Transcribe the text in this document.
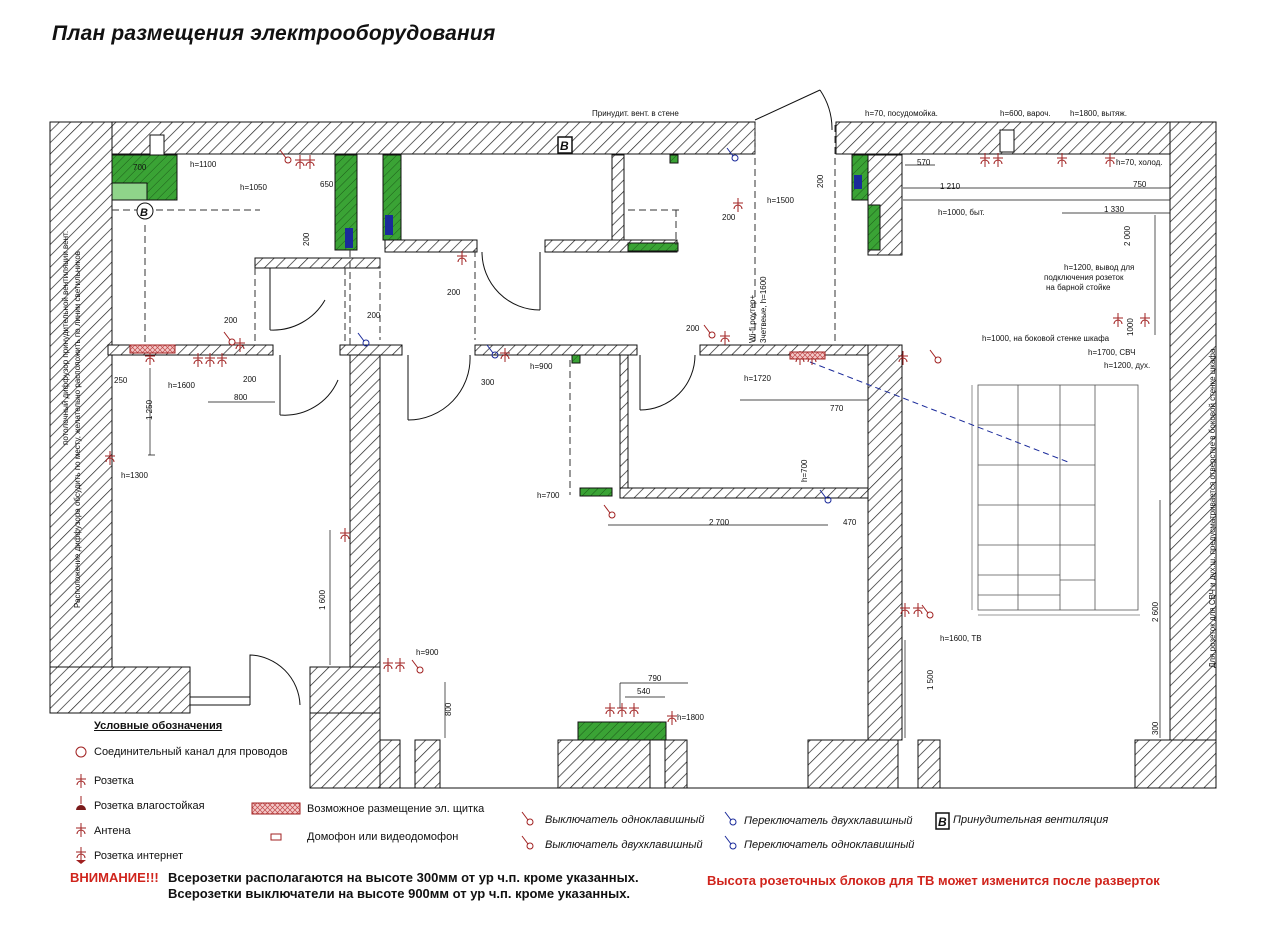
План размещения электрооборудования
B
B
Принудит. вент. в стене	h=70, посудомойка.	h=600, вароч. h=1800, вытяж.
h=70, холод.
h=1000, быт.
h=1200, вывод для
подключения розеток
на барной стойке
h=1000, на боковой стенке шкафа
h=1700, СВЧ
h=1200, дух.
h=1600, ТВ
Wi-fi роутер+ 3четвеые, h=1600
Для розеток для СВЧ и дух.ш. предусматривается отверстие в боковой стенке шкафа
потолочный диффузор принудительной вентиляции вент. Расположение диффузора обсудить по месту, желательно расположить по линии светильников
h=1100
h=1050
h=1500
h=1600
h=1300
h=900
h=1720
h=700
h=700
h=900
h=1800
700
650
200
200
200
200
200
200
200
200
250
800
1 250
1 600
300
770
2 700	470
790
540
800
570
1 210	750
1 330
2 000
1000
2 600
1 500
300
В
Условные обозначения
Соединительный канал для проводов
Розетка
Розетка влагостойкая
Антена
Розетка интернет
Возможное размещение эл. щитка
Домофон или видеодомофон
Выключатель одноклавишный
Выключатель двухклавишный
Переключатель двухклавишный
Переключатель одноклавишный
Принудительная вентиляция
ВНИМАНИЕ!!! Всерозетки располагаются на высоте 300мм от ур ч.п. кроме указанных.
Всерозетки выключатели на высоте 900мм от ур ч.п. кроме указанных.
Высота розеточных блоков для ТВ может изменится после разверток
